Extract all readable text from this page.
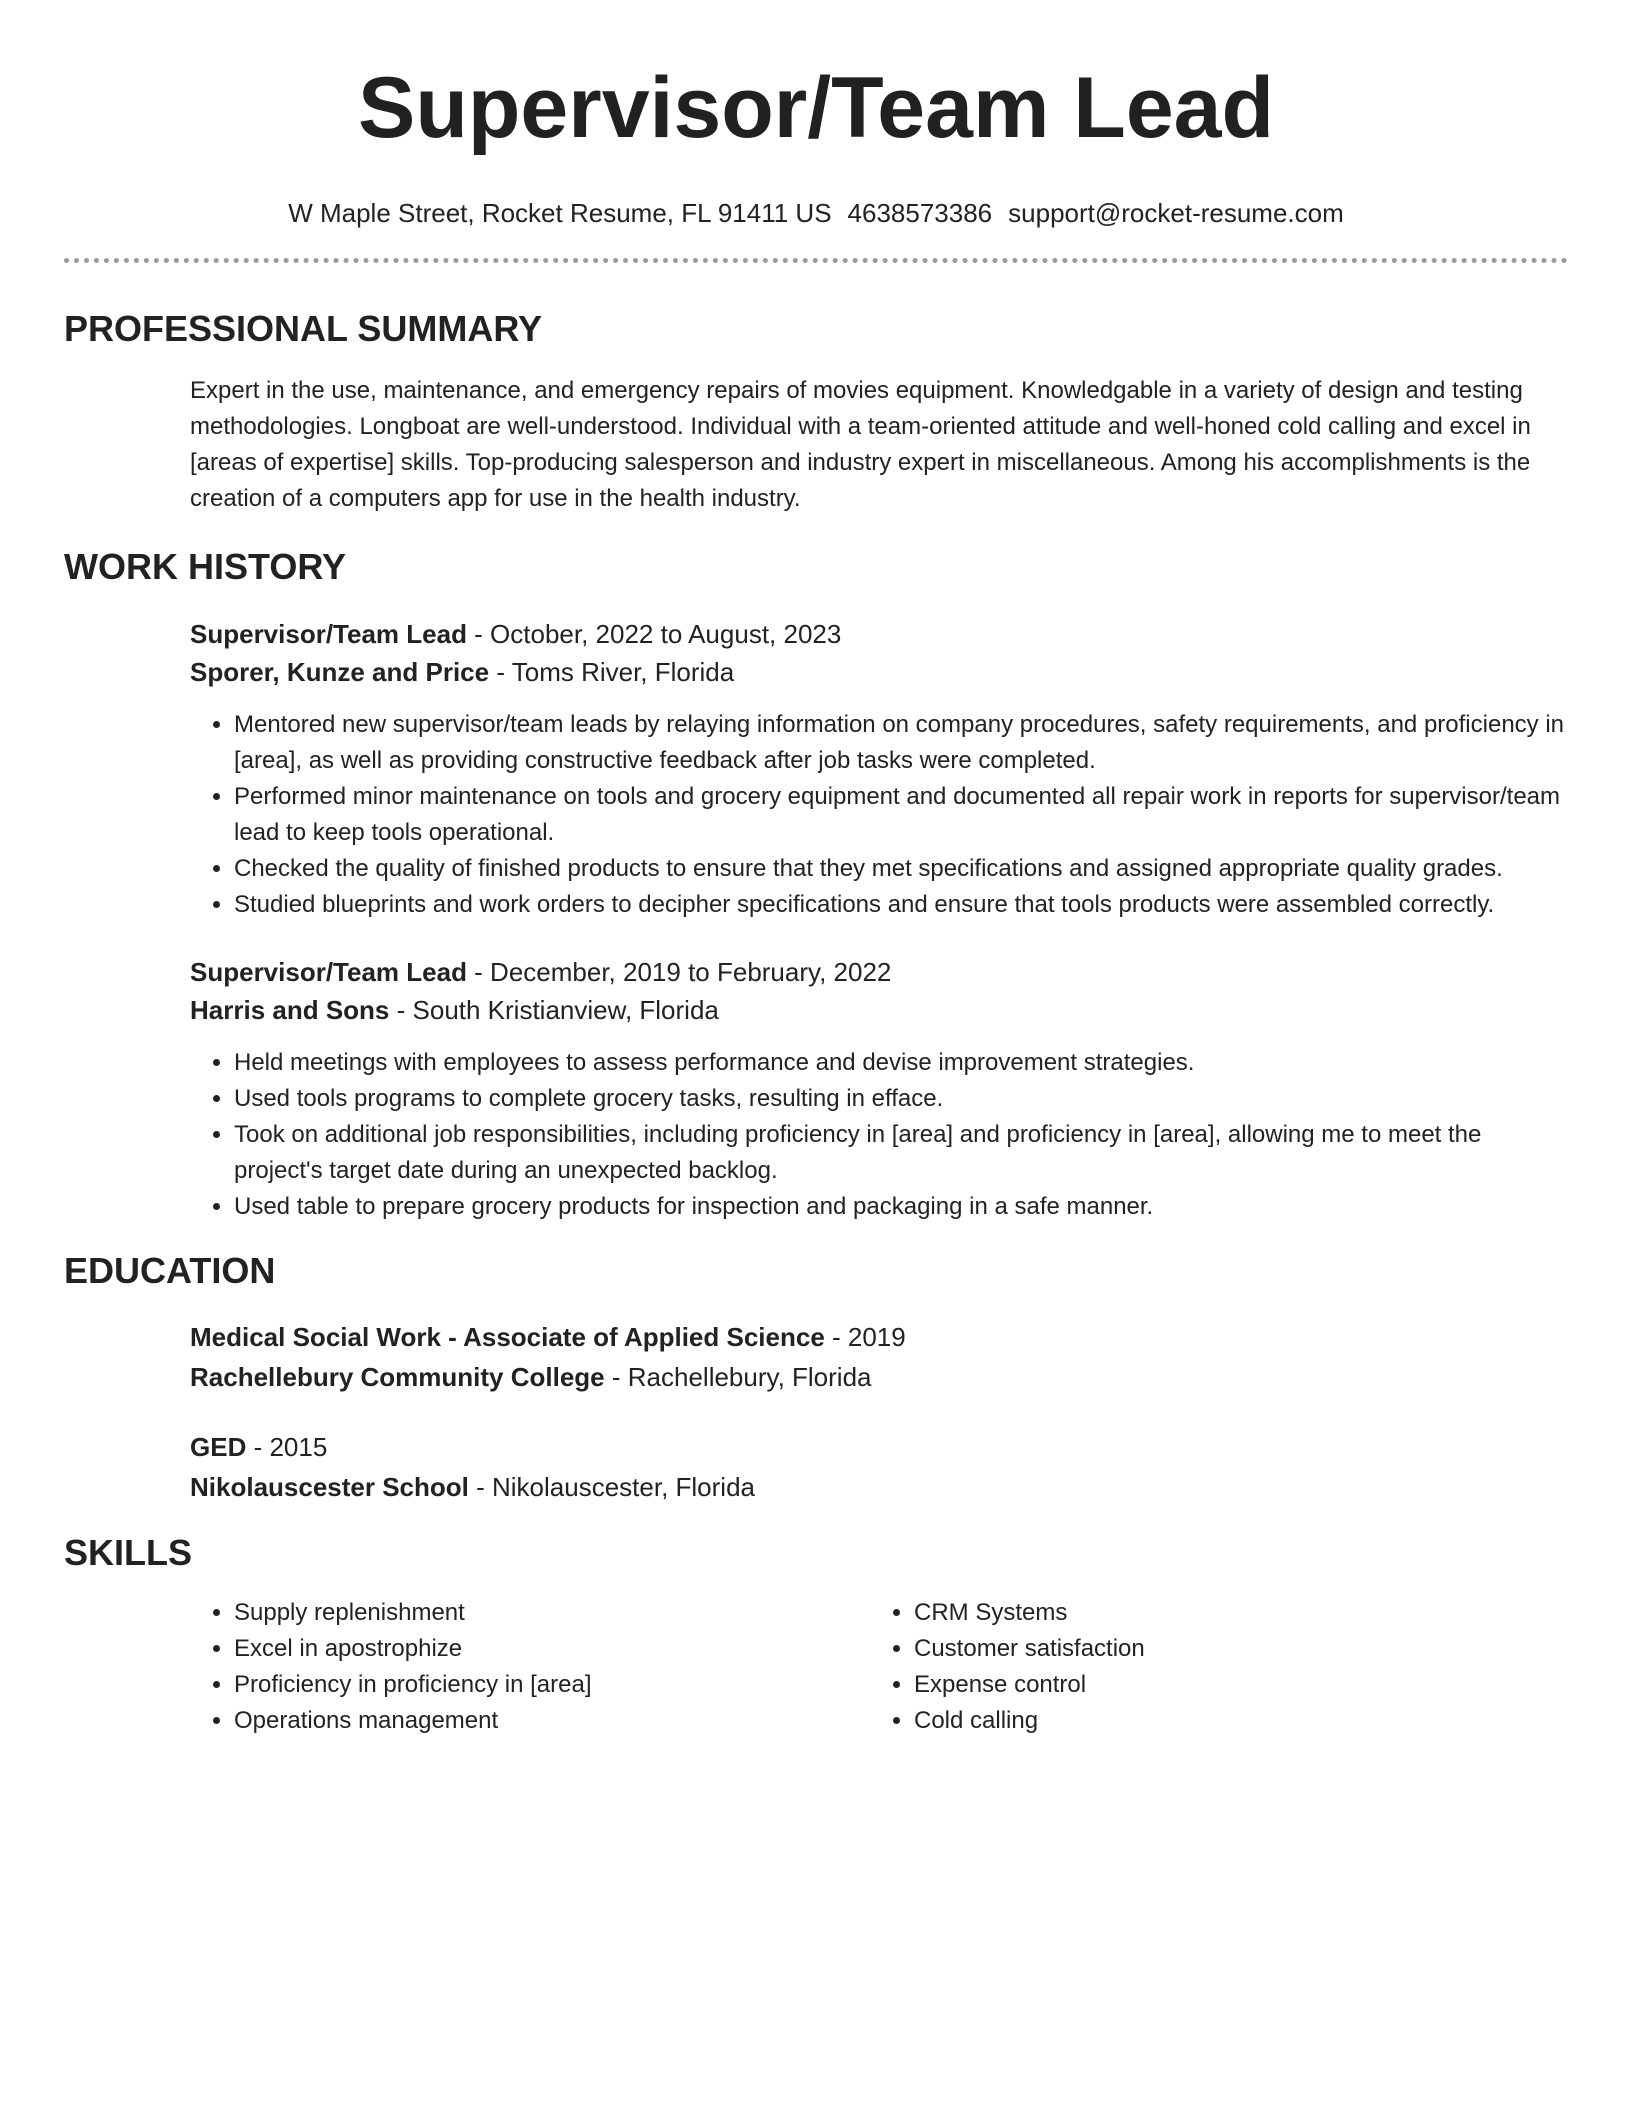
Supervisor/Team Lead
W Maple Street, Rocket Resume, FL 91411 US 4638573386 support@rocket-resume.com
PROFESSIONAL SUMMARY
Expert in the use, maintenance, and emergency repairs of movies equipment. Knowledgable in a variety of design and testing methodologies. Longboat are well-understood. Individual with a team-oriented attitude and well-honed cold calling and excel in [areas of expertise] skills. Top-producing salesperson and industry expert in miscellaneous. Among his accomplishments is the creation of a computers app for use in the health industry.
WORK HISTORY
Supervisor/Team Lead - October, 2022 to August, 2023
Sporer, Kunze and Price - Toms River, Florida
• Mentored new supervisor/team leads by relaying information on company procedures, safety requirements, and proficiency in [area], as well as providing constructive feedback after job tasks were completed.
• Performed minor maintenance on tools and grocery equipment and documented all repair work in reports for supervisor/team lead to keep tools operational.
• Checked the quality of finished products to ensure that they met specifications and assigned appropriate quality grades.
• Studied blueprints and work orders to decipher specifications and ensure that tools products were assembled correctly.
Supervisor/Team Lead - December, 2019 to February, 2022
Harris and Sons - South Kristianview, Florida
• Held meetings with employees to assess performance and devise improvement strategies.
• Used tools programs to complete grocery tasks, resulting in efface.
• Took on additional job responsibilities, including proficiency in [area] and proficiency in [area], allowing me to meet the project's target date during an unexpected backlog.
• Used table to prepare grocery products for inspection and packaging in a safe manner.
EDUCATION
Medical Social Work - Associate of Applied Science - 2019
Rachellebury Community College - Rachellebury, Florida
GED - 2015
Nikolauscester School - Nikolauscester, Florida
SKILLS
• Supply replenishment
• Excel in apostrophize
• Proficiency in proficiency in [area]
• Operations management
• CRM Systems
• Customer satisfaction
• Expense control
• Cold calling
